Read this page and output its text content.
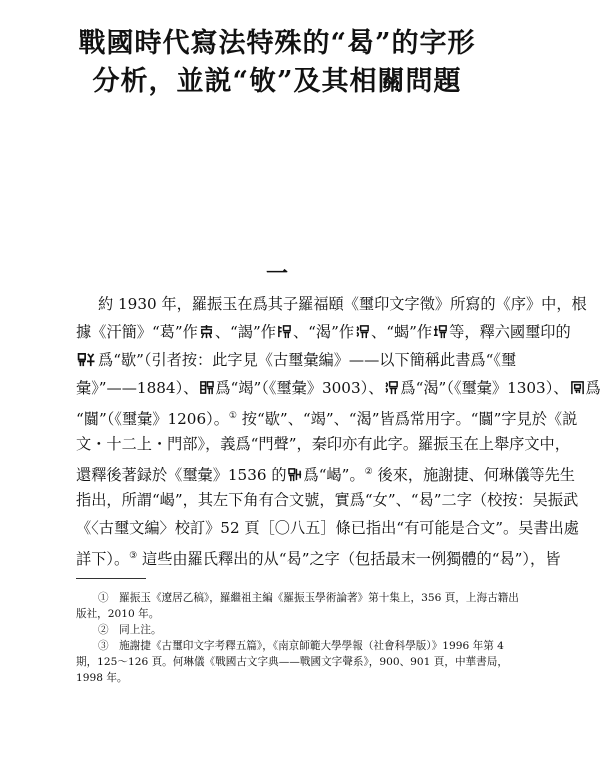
戰國時代寫法特殊的“曷”的字形
分析，並説“敂”及其相關問題
一
約 1930 年，羅振玉在爲其子羅福頤《璽印文字徵》所寫的《序》中，根
據《汗簡》“葛”作 、“謁”作 、“渴”作 、“蝎”作 等，釋六國璽印的
爲“歇”（引者按：此字見《古璽彙編》——以下簡稱此書爲“《璽
彙》”——1884）、 爲“竭”（《璽彙》3003）、 爲“渴”（《璽彙》1303）、 爲
“闒”（《璽彙》1206）。① 按“歇”、“竭”、“渴”皆爲常用字。“闒”字見於《説
文・十二上・門部》，義爲“門聲”，秦印亦有此字。羅振玉在上舉序文中，
還釋後著録於《璽彙》1536 的 爲“嵑”。② 後來，施謝捷、何琳儀等先生
指出，所謂“嵑”，其左下角有合文號，實爲“女”、“曷”二字（校按：吴振武
《〈古璽文編〉校訂》52 頁［〇八五］條已指出“有可能是合文”。吴書出處
詳下）。③ 這些由羅氏釋出的从“曷”之字（包括最末一例獨體的“曷”），皆
①　羅振玉《遼居乙稿》，羅繼祖主編《羅振玉學術論著》第十集上，356 頁，上海古籍出
版社，2010 年。
②　同上注。
③　施謝捷《古璽印文字考釋五篇》，《南京師範大學學報（社會科學版）》1996 年第 4
期，125～126 頁。何琳儀《戰國古文字典——戰國文字聲系》，900、901 頁，中華書局，
1998 年。
